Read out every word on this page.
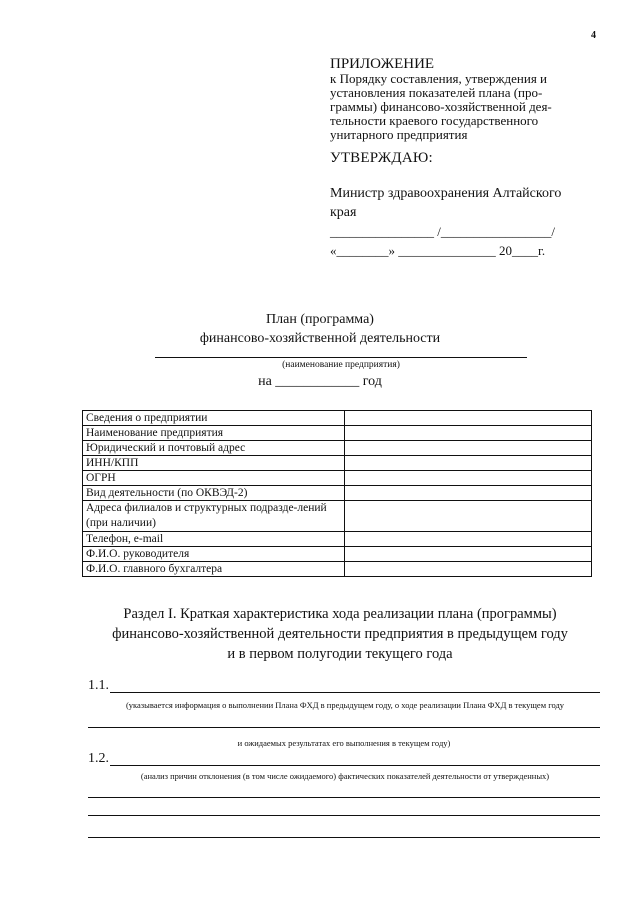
4
ПРИЛОЖЕНИЕ
к Порядку составления, утверждения и
установления показателей плана (про-
граммы) финансово-хозяйственной дея-
тельности краевого государственного
унитарного предприятия
УТВЕРЖДАЮ:
Министр здравоохранения Алтайского
края
________________ /_________________/
«________» _______________ 20____г.
План (программа)
финансово-хозяйственной деятельности
(наименование предприятия)
на ____________ год
Сведения о предприятии	
Наименование предприятия	
Юридический и почтовый адрес	
ИНН/КПП	
ОГРН	
Вид деятельности (по ОКВЭД-2)	
Адреса филиалов и структурных подразде-лений (при наличии)	
Телефон, e-mail	
Ф.И.О. руководителя	
Ф.И.О. главного бухгалтера	
Раздел I. Краткая характеристика хода реализации плана (программы)
финансово-хозяйственной деятельности предприятия в предыдущем году
и в первом полугодии текущего года
1.1.
(указывается информация о выполнении Плана ФХД в предыдущем году, о ходе реализации Плана ФХД в текущем году
и ожидаемых результатах его выполнения в текущем году)
1.2.
(анализ причин отклонения (в том числе ожидаемого) фактических показателей деятельности от утвержденных)
